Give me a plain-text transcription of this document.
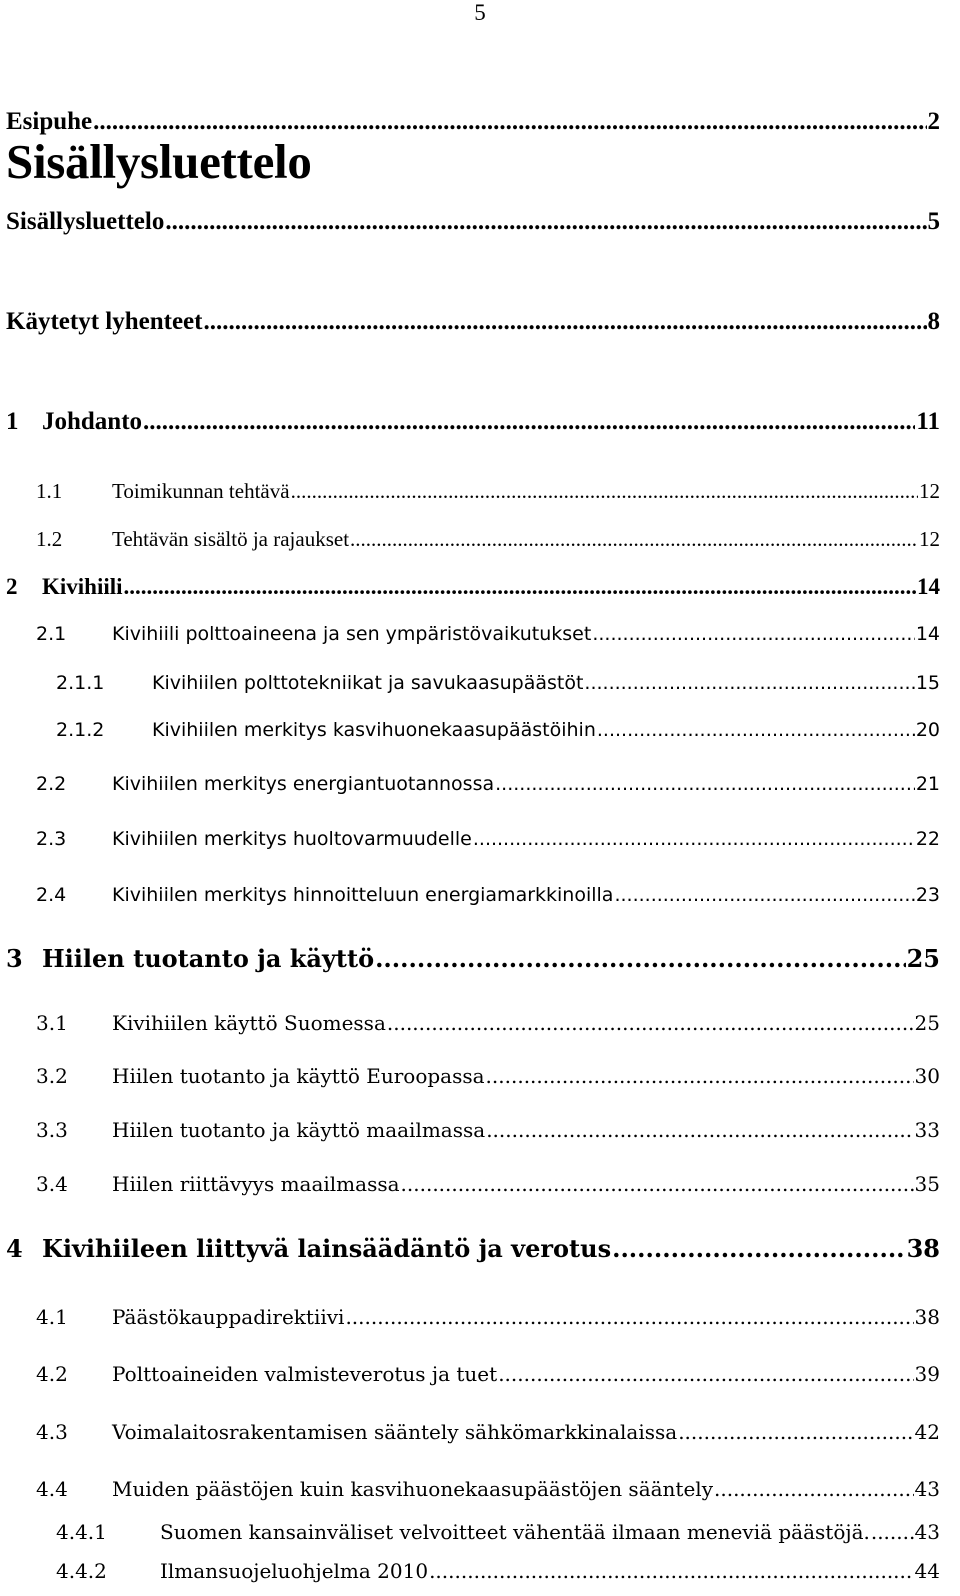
5
Sisällysluettelo
Esipuhe .....	2
Sisällysluettelo .....	5
Käytetyt lyhenteet .....	8
1 Johdanto .....	11
1.1	Toimikunnan tehtävä .....	12
1.2	Tehtävän sisältö ja rajaukset .....	12
2	Kivihiili .....	14
2.1	Kivihiili polttoaineena ja sen ympäristövaikutukset .....	14
2.1.1	Kivihiilen polttotekniikat ja savukaasupäästöt .....	15
2.1.2	Kivihiilen merkitys kasvihuonekaasupäästöihin .....	20
2.2	Kivihiilen merkitys energiantuotannossa .....	21
2.3	Kivihiilen merkitys huoltovarmuudelle .....	22
2.4	Kivihiilen merkitys hinnoitteluun energiamarkkinoilla .....	23
3 Hiilen tuotanto ja käyttö .....	25
3.1	Kivihiilen käyttö Suomessa .....	25
3.2	Hiilen tuotanto ja käyttö Euroopassa .....	30
3.3	Hiilen tuotanto ja käyttö maailmassa .....	33
3.4	Hiilen riittävyys maailmassa .....	35
4 Kivihiileen liittyvä lainsäädäntö ja verotus .....	38
4.1	Päästökauppadirektiivi .....	38
4.2	Polttoaineiden valmisteverotus ja tuet .....	39
4.3	Voimalaitosrakentamisen sääntely sähkömarkkinalaissa .....	42
4.4	Muiden päästöjen kuin kasvihuonekaasupäästöjen sääntely .....	43
4.4.1	Suomen kansainväliset velvoitteet vähentää ilmaan meneviä päästöjä. ..... 43
4.4.2	Ilmansuojeluohjelma 2010 .....	44
